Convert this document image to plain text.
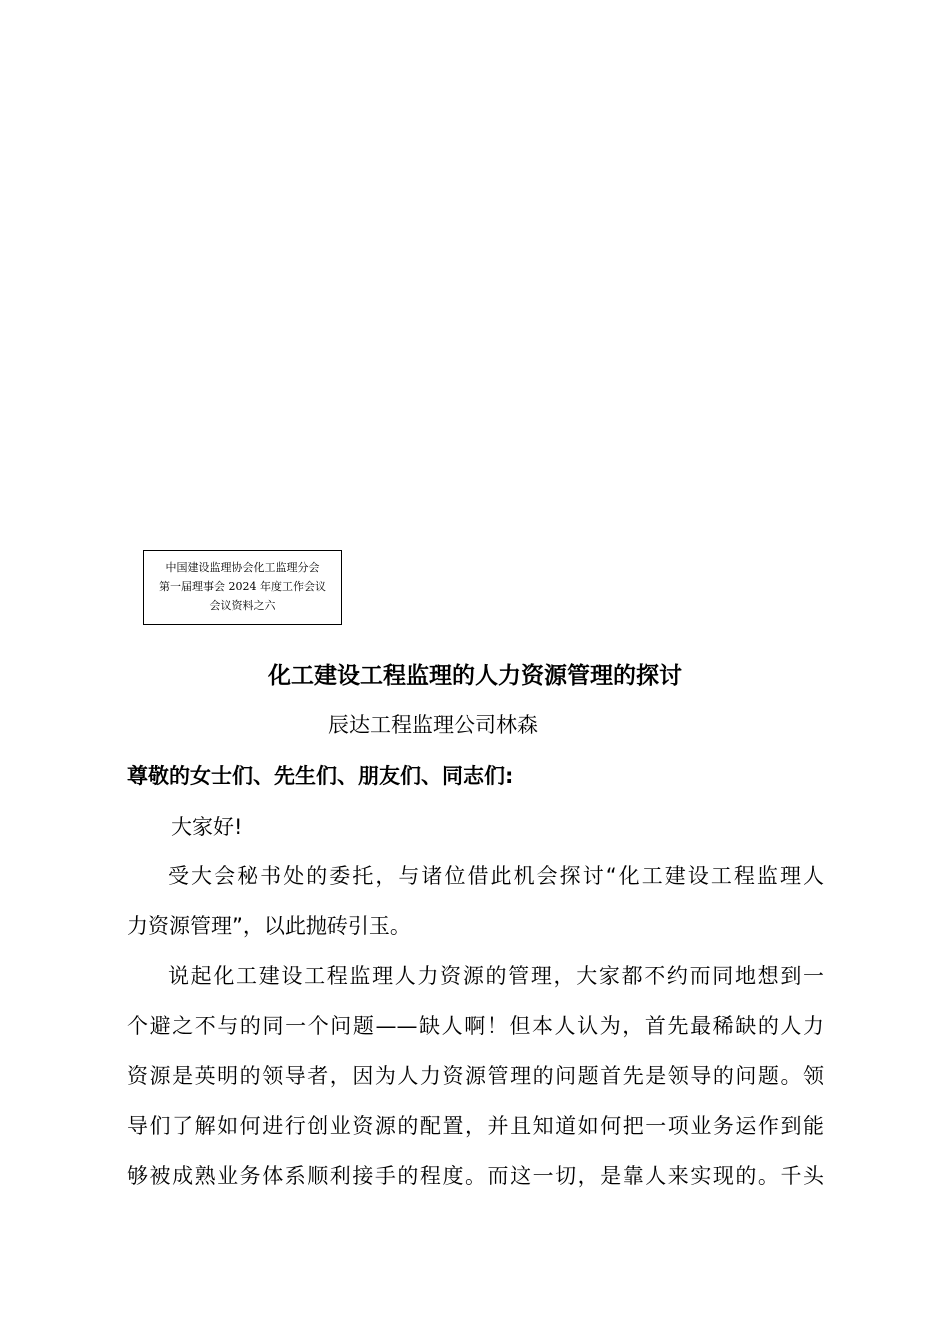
中国建设监理协会化工监理分会
第一届理事会 2024 年度工作会议
会议资料之六
化工建设工程监理的人力资源管理的探讨
辰达工程监理公司林森
尊敬的女士们、先生们、朋友们、同志们:
大家好!
受大会秘书处的委托，与诸位借此机会探讨“化工建设工程监理人
力资源管理”，以此抛砖引玉。
说起化工建设工程监理人力资源的管理，大家都不约而同地想到一
个避之不与的同一个问题——缺人啊！但本人认为，首先最稀缺的人力
资源是英明的领导者，因为人力资源管理的问题首先是领导的问题。领
导们了解如何进行创业资源的配置，并且知道如何把一项业务运作到能
够被成熟业务体系顺利接手的程度。而这一切，是靠人来实现的。千头
